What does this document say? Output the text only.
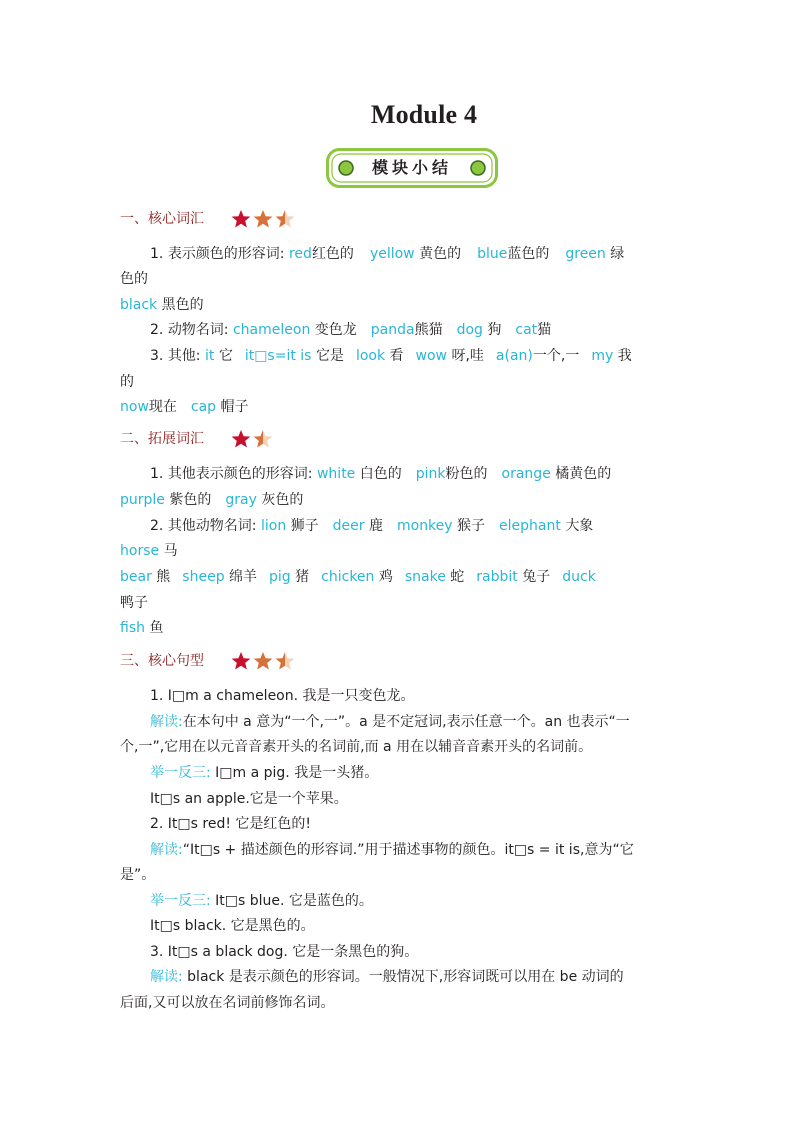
Module 4
模块小结
一、核心词汇
1. 表示颜色的形容词: red红色的 yellow 黄色的 blue蓝色的 green 绿
色的
black 黑色的
2. 动物名词: chameleon 变色龙 panda熊猫 dog 狗 cat猫
3. 其他: it 它 it□s=it is 它是 look 看 wow 呀,哇 a(an)一个,一 my 我
的
now现在 cap 帽子
二、拓展词汇
1. 其他表示颜色的形容词: white 白色的 pink粉色的 orange 橘黄色的
purple 紫色的 gray 灰色的
2. 其他动物名词: lion 狮子 deer 鹿 monkey 猴子 elephant 大象
horse 马
bear 熊 sheep 绵羊 pig 猪 chicken 鸡 snake 蛇 rabbit 兔子 duck
鸭子
fish 鱼
三、核心句型
1. I□m a chameleon. 我是一只变色龙。
解读:在本句中 a 意为“一个,一”。a 是不定冠词,表示任意一个。an 也表示“一
个,一”,它用在以元音音素开头的名词前,而 a 用在以辅音音素开头的名词前。
举一反三: I□m a pig. 我是一头猪。
It□s an apple.它是一个苹果。
2. It□s red! 它是红色的!
解读:“It□s + 描述颜色的形容词.”用于描述事物的颜色。it□s = it is,意为“它
是”。
举一反三: It□s blue. 它是蓝色的。
It□s black. 它是黑色的。
3. It□s a black dog. 它是一条黑色的狗。
解读: black 是表示颜色的形容词。一般情况下,形容词既可以用在 be 动词的
后面,又可以放在名词前修饰名词。
